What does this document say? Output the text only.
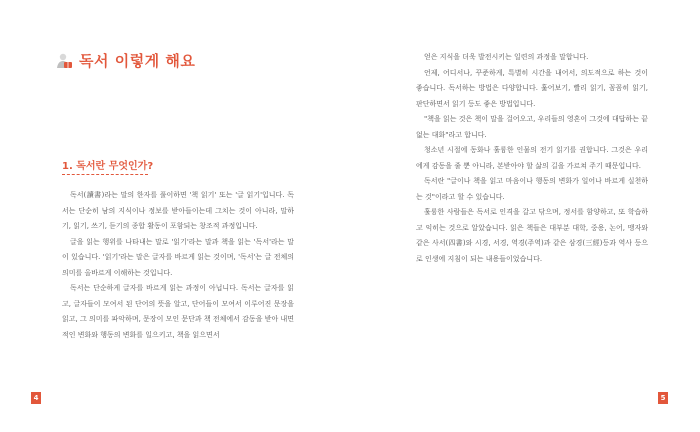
독서 이렇게 해요
1. 독서란 무엇인가?

독서(讀書)라는 말의 한자를 풀이하면 '책 읽기' 또는 '글 읽기'입니다. 독서는 단순히 남의 지식이나 정보를 받아들이는데 그치는 것이 아니라, 말하기, 읽기, 쓰기, 듣기의 종합 활동이 포함되는 창조적 과정입니다.

글을 읽는 행위를 나타내는 말로 '읽기'라는 말과 책을 읽는 '독서'라는 말이 있습니다. '읽기'라는 말은 글자를 바르게 읽는 것이며, '독서'는 글 전체의 의미를 올바르게 이해하는 것입니다.

독서는 단순하게 글자를 바르게 읽는 과정이 아닙니다. 독서는 글자를 읽고, 글자들이 모여서 된 단어의 뜻을 알고, 단어들이 모여서 이루어진 문장을 읽고, 그 의미를 파악하며, 문장이 모인 문단과 책 전체에서 감동을 받아 내면적인 변화와 행동의 변화를 일으키고, 책을 읽으면서

4

얻은 지식을 더욱 발전시키는 일련의 과정을 말합니다.

언제, 어디서나, 꾸준하게, 특별히 시간을 내어서, 의도적으로 하는 것이 좋습니다. 독서하는 방법은 다양합니다. 훑어보기, 빨리 읽기, 꼼꼼히 읽기, 판단하면서 읽기 등도 좋은 방법입니다.

"책을 읽는 것은 책이 말을 걸어오고, 우리들의 영혼이 그것에 대답하는 끝없는 대화"라고 합니다.

청소년 시절에 동화나 훌륭한 인물의 전기 읽기를 권합니다. 그것은 우리에게 감동을 줄 뿐 아니라, 본받아야 할 삶의 길을 가르쳐 주기 때문입니다.

독서란 "글이나 책을 읽고 마음이나 행동의 변화가 일어나 바르게 실천하는 것"이라고 할 수 있습니다.

훌륭한 사람들은 독서로 인격을 갈고 닦으며, 정서를 함양하고, 또 학습하고 익히는 것으로 알았습니다. 읽은 책들은 대부분 대학, 중용, 논어, 맹자와 같은 사서(四書)와 시경, 서경, 역경(주역)과 같은 삼경(三經)등과 역사 등으로 인생에 지침이 되는 내용들이었습니다.

5
